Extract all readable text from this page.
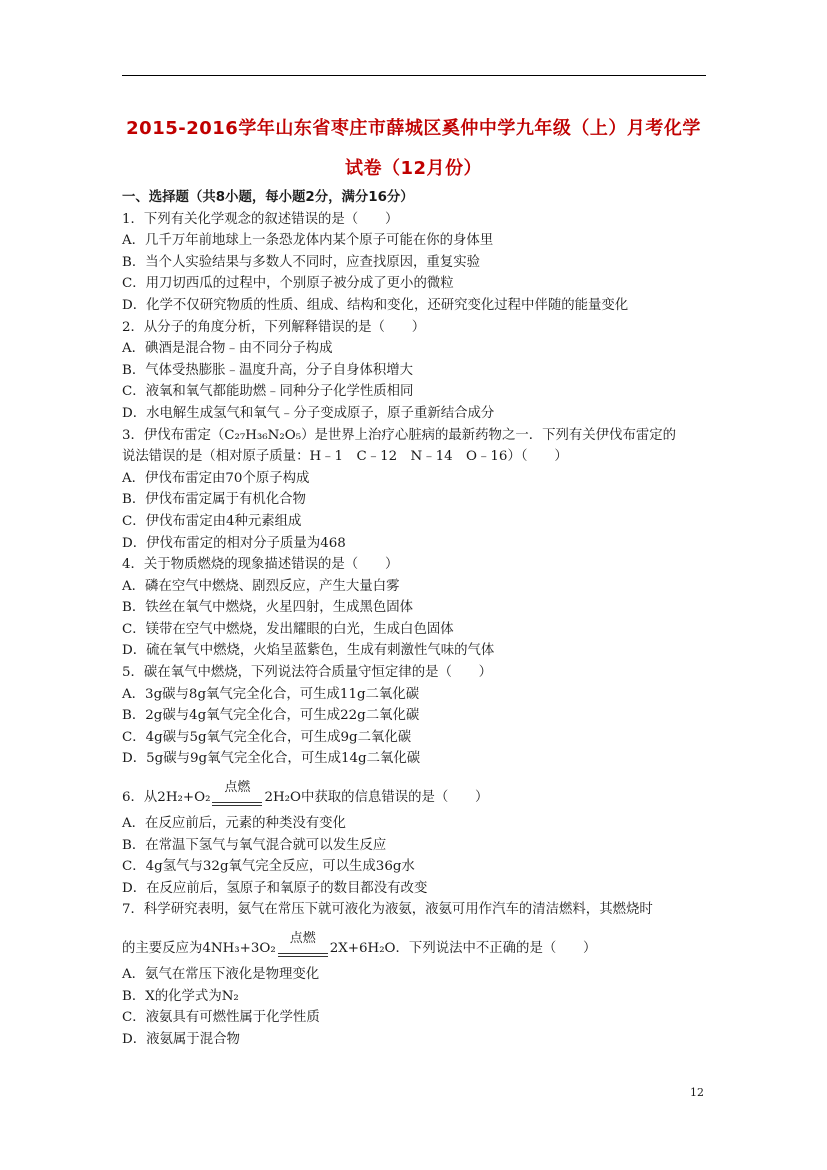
2015-2016学年山东省枣庄市薛城区奚仲中学九年级（上）月考化学
试卷（12月份）
一、选择题（共8小题，每小题2分，满分16分）
1．下列有关化学观念的叙述错误的是（　　）
A．几千万年前地球上一条恐龙体内某个原子可能在你的身体里
B．当个人实验结果与多数人不同时，应查找原因，重复实验
C．用刀切西瓜的过程中，个别原子被分成了更小的微粒
D．化学不仅研究物质的性质、组成、结构和变化，还研究变化过程中伴随的能量变化
2．从分子的角度分析，下列解释错误的是（　　）
A．碘酒是混合物﹣由不同分子构成
B．气体受热膨胀﹣温度升高，分子自身体积增大
C．液氧和氧气都能助燃﹣同种分子化学性质相同
D．水电解生成氢气和氧气﹣分子变成原子，原子重新结合成分
3．伊伐布雷定（C₂₇H₃₆N₂O₅）是世界上治疗心脏病的最新药物之一．下列有关伊伐布雷定的
说法错误的是（相对原子质量：H﹣1　C﹣12　N﹣14　O﹣16）（　　）
A．伊伐布雷定由70个原子构成
B．伊伐布雷定属于有机化合物
C．伊伐布雷定由4种元素组成
D．伊伐布雷定的相对分子质量为468
4．关于物质燃烧的现象描述错误的是（　　）
A．磷在空气中燃烧、剧烈反应，产生大量白雾
B．铁丝在氧气中燃烧，火星四射，生成黑色固体
C．镁带在空气中燃烧，发出耀眼的白光，生成白色固体
D．硫在氧气中燃烧，火焰呈蓝紫色，生成有刺激性气味的气体
5．碳在氧气中燃烧，下列说法符合质量守恒定律的是（　　）
A．3g碳与8g氧气完全化合，可生成11g二氧化碳
B．2g碳与4g氧气完全化合，可生成22g二氧化碳
C．4g碳与5g氧气完全化合，可生成9g二氧化碳
D．5g碳与9g氧气完全化合，可生成14g二氧化碳
6．从2H₂+O₂
点燃
2H₂O中获取的信息错误的是（　　）
A．在反应前后，元素的种类没有变化
B．在常温下氢气与氧气混合就可以发生反应
C．4g氢气与32g氧气完全反应，可以生成36g水
D．在反应前后，氢原子和氧原子的数目都没有改变
7．科学研究表明，氨气在常压下就可液化为液氨，液氨可用作汽车的清洁燃料，其燃烧时
的主要反应为4NH₃+3O₂
点燃
2X+6H₂O．下列说法中不正确的是（　　）
A．氨气在常压下液化是物理变化
B．X的化学式为N₂
C．液氨具有可燃性属于化学性质
D．液氨属于混合物
12
